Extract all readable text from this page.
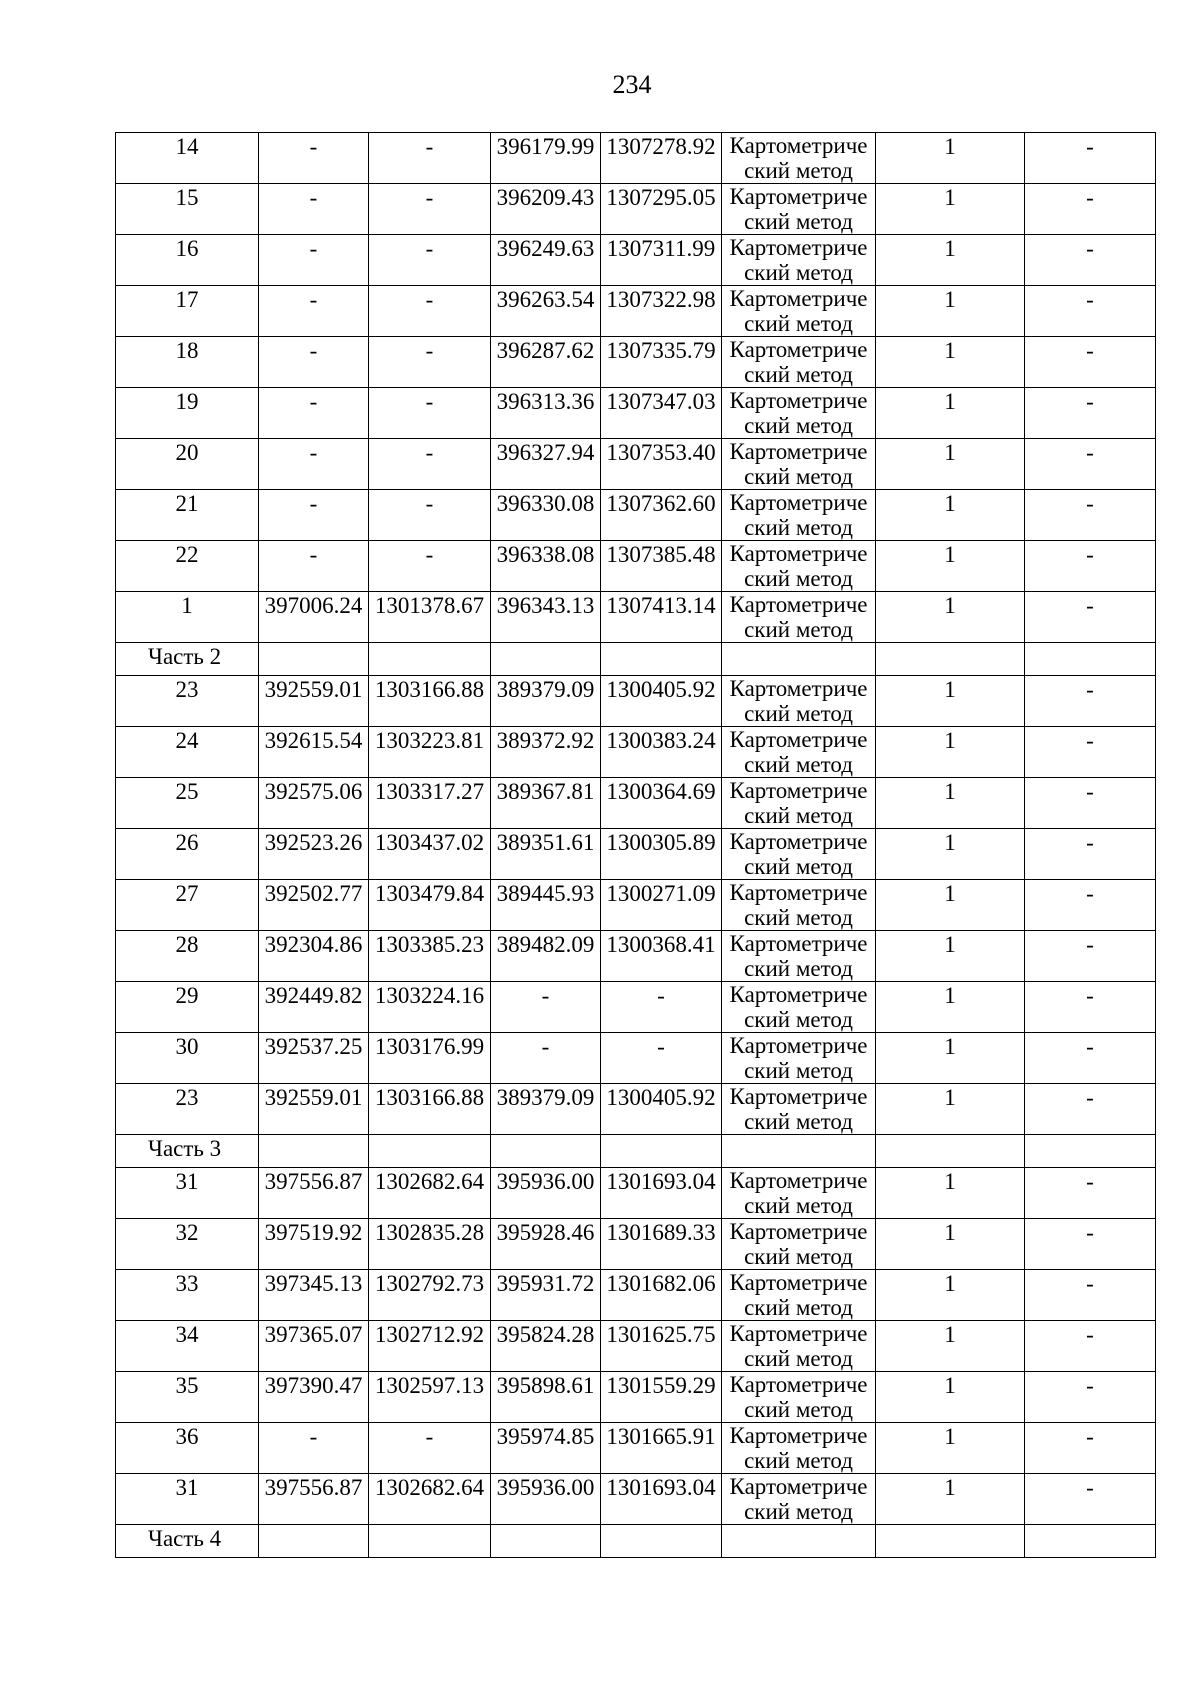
234
14	-	-	396179.99	1307278.92	Картометриче
ский метод	1	-
15	-	-	396209.43	1307295.05	Картометриче
ский метод	1	-
16	-	-	396249.63	1307311.99	Картометриче
ский метод	1	-
17	-	-	396263.54	1307322.98	Картометриче
ский метод	1	-
18	-	-	396287.62	1307335.79	Картометриче
ский метод	1	-
19	-	-	396313.36	1307347.03	Картометриче
ский метод	1	-
20	-	-	396327.94	1307353.40	Картометриче
ский метод	1	-
21	-	-	396330.08	1307362.60	Картометриче
ский метод	1	-
22	-	-	396338.08	1307385.48	Картометриче
ский метод	1	-
1	397006.24	1301378.67	396343.13	1307413.14	Картометриче
ский метод	1	-
Часть 2							
23	392559.01	1303166.88	389379.09	1300405.92	Картометриче
ский метод	1	-
24	392615.54	1303223.81	389372.92	1300383.24	Картометриче
ский метод	1	-
25	392575.06	1303317.27	389367.81	1300364.69	Картометриче
ский метод	1	-
26	392523.26	1303437.02	389351.61	1300305.89	Картометриче
ский метод	1	-
27	392502.77	1303479.84	389445.93	1300271.09	Картометриче
ский метод	1	-
28	392304.86	1303385.23	389482.09	1300368.41	Картометриче
ский метод	1	-
29	392449.82	1303224.16	-	-	Картометриче
ский метод	1	-
30	392537.25	1303176.99	-	-	Картометриче
ский метод	1	-
23	392559.01	1303166.88	389379.09	1300405.92	Картометриче
ский метод	1	-
Часть 3							
31	397556.87	1302682.64	395936.00	1301693.04	Картометриче
ский метод	1	-
32	397519.92	1302835.28	395928.46	1301689.33	Картометриче
ский метод	1	-
33	397345.13	1302792.73	395931.72	1301682.06	Картометриче
ский метод	1	-
34	397365.07	1302712.92	395824.28	1301625.75	Картометриче
ский метод	1	-
35	397390.47	1302597.13	395898.61	1301559.29	Картометриче
ский метод	1	-
36	-	-	395974.85	1301665.91	Картометриче
ский метод	1	-
31	397556.87	1302682.64	395936.00	1301693.04	Картометриче
ский метод	1	-
Часть 4							
